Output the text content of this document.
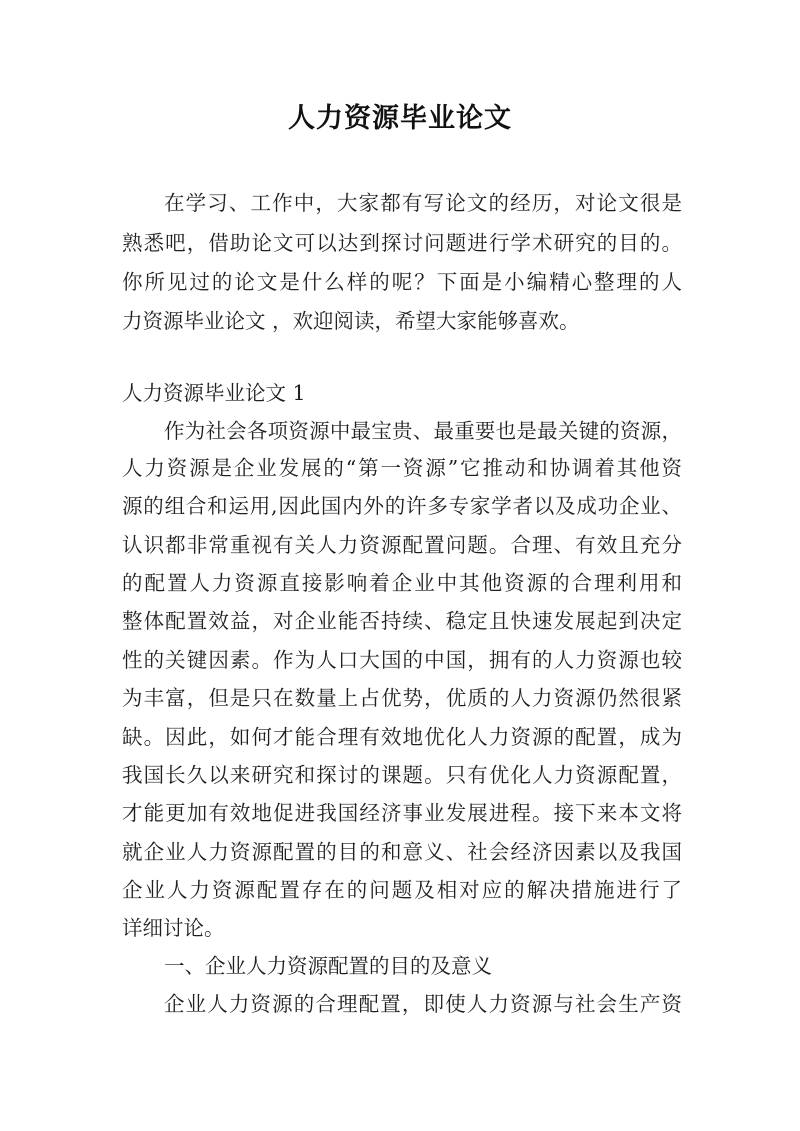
人力资源毕业论文
在学习、工作中，大家都有写论文的经历，对论文很是
熟悉吧，借助论文可以达到探讨问题进行学术研究的目的。
你所见过的论文是什么样的呢？下面是小编精心整理的人
力资源毕业论文 ，欢迎阅读，希望大家能够喜欢。
人力资源毕业论文 1
作为社会各项资源中最宝贵、最重要也是最关键的资源，
人力资源是企业发展的“第一资源”它推动和协调着其他资
源的组合和运用,因此国内外的许多专家学者以及成功企业、
认识都非常重视有关人力资源配置问题。合理、有效且充分
的配置人力资源直接影响着企业中其他资源的合理利用和
整体配置效益，对企业能否持续、稳定且快速发展起到决定
性的关键因素。作为人口大国的中国，拥有的人力资源也较
为丰富，但是只在数量上占优势，优质的人力资源仍然很紧
缺。因此，如何才能合理有效地优化人力资源的配置，成为
我国长久以来研究和探讨的课题。只有优化人力资源配置，
才能更加有效地促进我国经济事业发展进程。接下来本文将
就企业人力资源配置的目的和意义、社会经济因素以及我国
企业人力资源配置存在的问题及相对应的解决措施进行了
详细讨论。
一、企业人力资源配置的目的及意义
企业人力资源的合理配置，即使人力资源与社会生产资
